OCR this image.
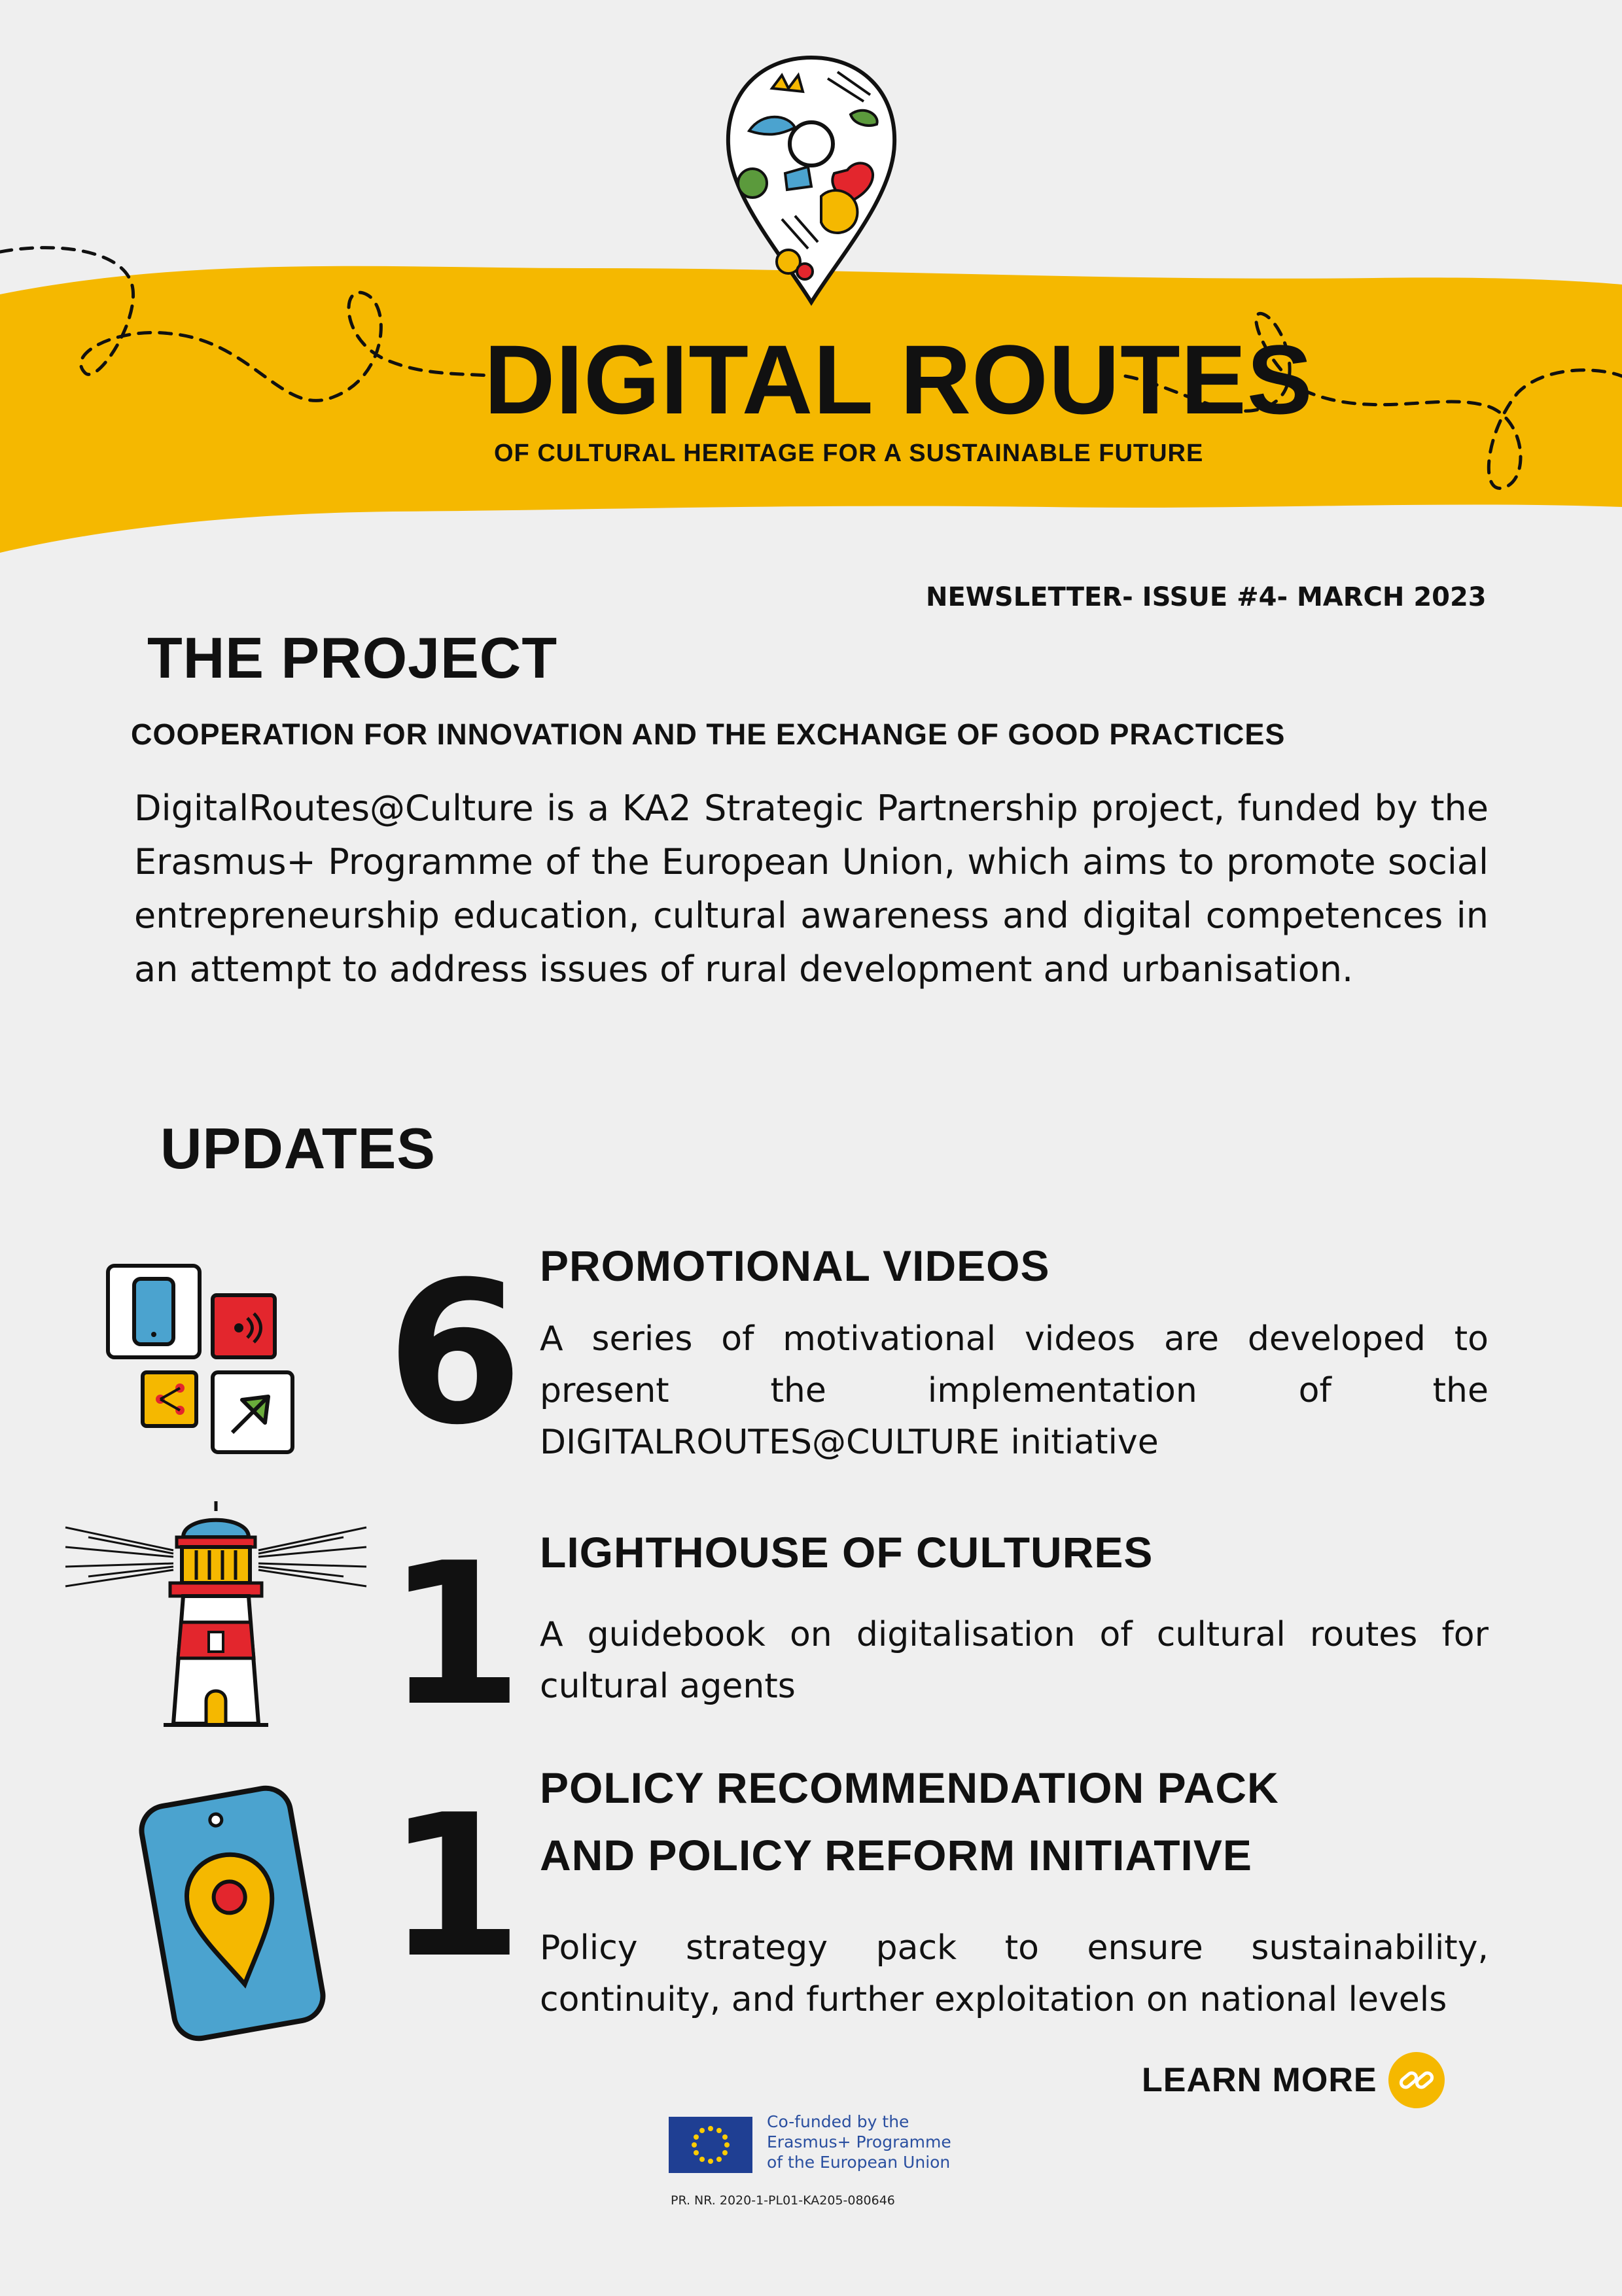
DIGITAL ROUTES
OF CULTURAL HERITAGE FOR A SUSTAINABLE FUTURE
NEWSLETTER- ISSUE #4- MARCH 2023
THE PROJECT
COOPERATION FOR INNOVATION AND THE EXCHANGE OF GOOD PRACTICES
DigitalRoutes@Culture is a KA2 Strategic Partnership project, funded by the Erasmus+ Programme of the European Union, which aims to promote social entrepreneurship education, cultural awareness and digital competences in an attempt to address issues of rural development and urbanisation.
UPDATES
6 PROMOTIONAL VIDEOS
A series of motivational videos are developed to present the implementation of the DIGITALROUTES@CULTURE initiative
1 LIGHTHOUSE OF CULTURES
A guidebook on digitalisation of cultural routes for cultural agents
1 POLICY RECOMMENDATION PACK
AND POLICY REFORM INITIATIVE
Policy strategy pack to ensure sustainability, continuity, and further exploitation on national levels
LEARN MORE
Co-funded by the
Erasmus+ Programme
of the European Union
PR. NR. 2020-1-PL01-KA205-080646
